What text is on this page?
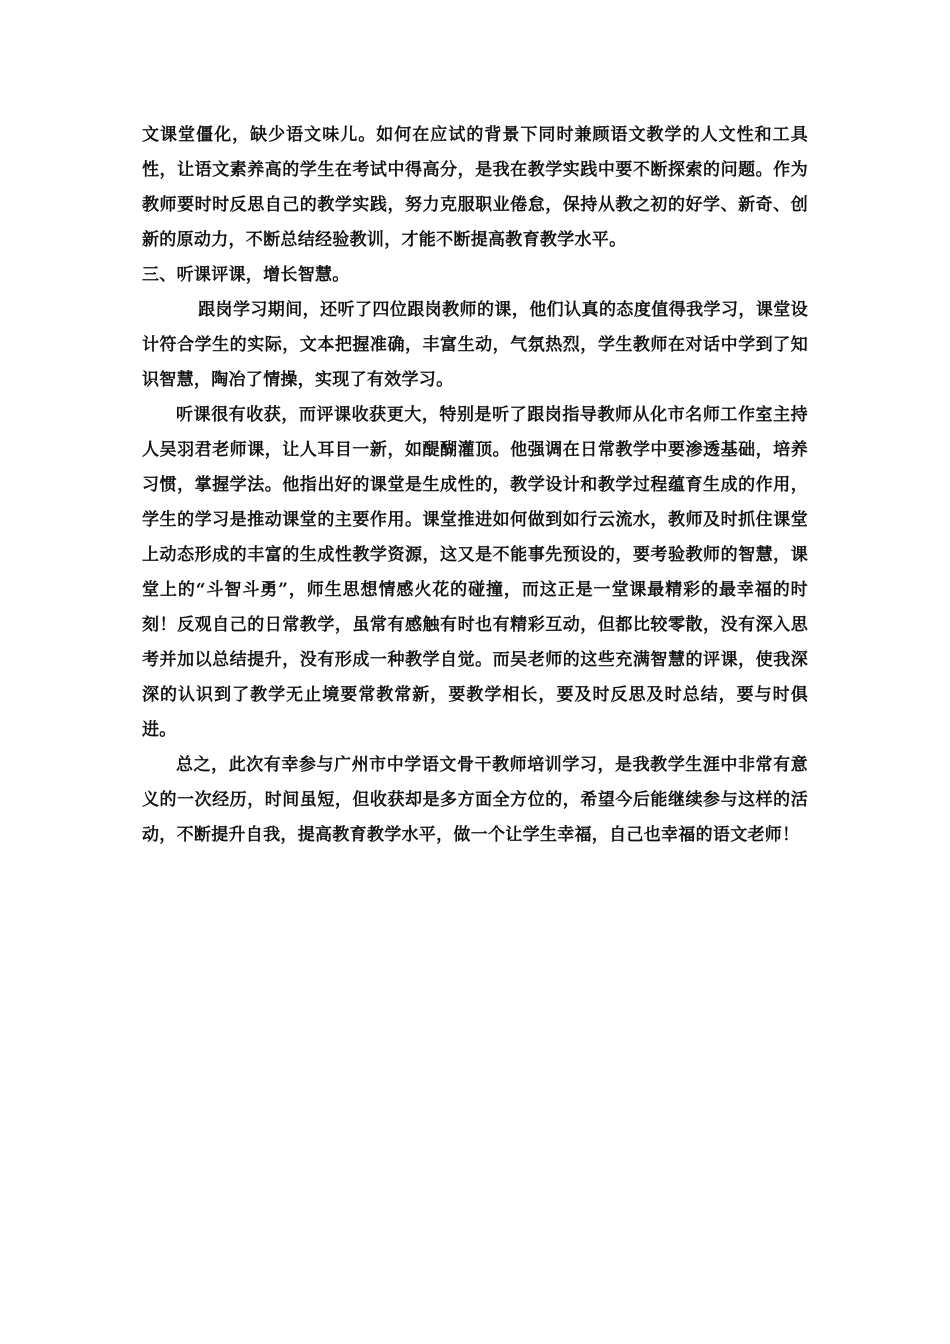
文课堂僵化，缺少语文味儿。如何在应试的背景下同时兼顾语文教学的人文性和工具性，让语文素养高的学生在考试中得高分，是我在教学实践中要不断探索的问题。作为教师要时时反思自己的教学实践，努力克服职业倦怠，保持从教之初的好学、新奇、创新的原动力，不断总结经验教训，才能不断提高教育教学水平。

三、听课评课，增长智慧。

跟岗学习期间，还听了四位跟岗教师的课，他们认真的态度值得我学习，课堂设计符合学生的实际，文本把握准确，丰富生动，气氛热烈，学生教师在对话中学到了知识智慧，陶冶了情操，实现了有效学习。

听课很有收获，而评课收获更大，特别是听了跟岗指导教师从化市名师工作室主持人吴羽君老师课，让人耳目一新，如醍醐灌顶。他强调在日常教学中要渗透基础，培养习惯，掌握学法。他指出好的课堂是生成性的，教学设计和教学过程蕴育生成的作用，学生的学习是推动课堂的主要作用。课堂推进如何做到如行云流水，教师及时抓住课堂上动态形成的丰富的生成性教学资源，这又是不能事先预设的，要考验教师的智慧，课堂上的“斗智斗勇”，师生思想情感火花的碰撞，而这正是一堂课最精彩的最幸福的时刻！反观自己的日常教学，虽常有感触有时也有精彩互动，但都比较零散，没有深入思考并加以总结提升，没有形成一种教学自觉。而吴老师的这些充满智慧的评课，使我深深的认识到了教学无止境要常教常新，要教学相长，要及时反思及时总结，要与时俱进。

总之，此次有幸参与广州市中学语文骨干教师培训学习，是我教学生涯中非常有意义的一次经历，时间虽短，但收获却是多方面全方位的，希望今后能继续参与这样的活动，不断提升自我，提高教育教学水平，做一个让学生幸福，自己也幸福的语文老师！
